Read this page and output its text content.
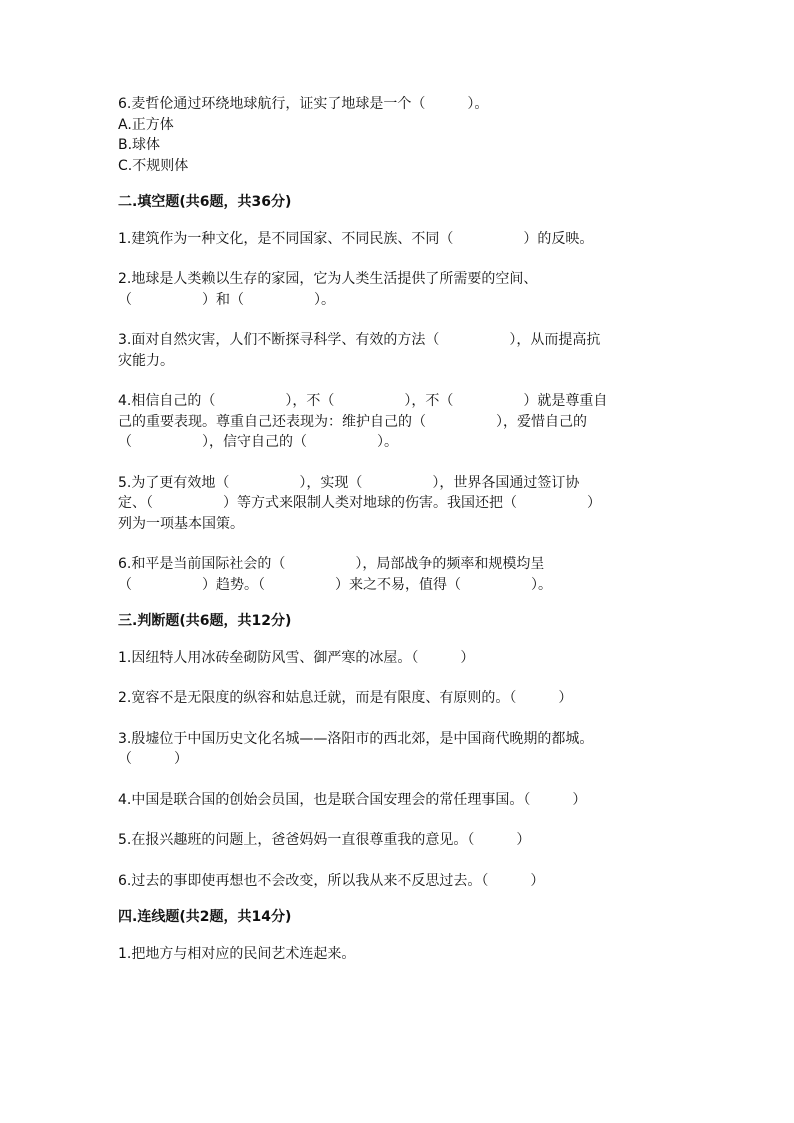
6.麦哲伦通过环绕地球航行，证实了地球是一个（　　　）。
A.正方体
B.球体
C.不规则体
二.填空题(共6题，共36分)
1.建筑作为一种文化，是不同国家、不同民族、不同（　　　　　）的反映。
2.地球是人类赖以生存的家园，它为人类生活提供了所需要的空间、
（　　　　　）和（　　　　　）。
3.面对自然灾害，人们不断探寻科学、有效的方法（　　　　　），从而提高抗
灾能力。
4.相信自己的（　　　　　），不（　　　　　），不（　　　　　）就是尊重自
己的重要表现。尊重自己还表现为：维护自己的（　　　　　），爱惜自己的
（　　　　　），信守自己的（　　　　　）。
5.为了更有效地（　　　　　），实现（　　　　　），世界各国通过签订协
定、（　　　　　）等方式来限制人类对地球的伤害。我国还把（　　　　　）
列为一项基本国策。
6.和平是当前国际社会的（　　　　　），局部战争的频率和规模均呈
（　　　　　）趋势。（　　　　　）来之不易，值得（　　　　　）。
三.判断题(共6题，共12分)
1.因纽特人用冰砖垒砌防风雪、御严寒的冰屋。（　　　）
2.宽容不是无限度的纵容和姑息迁就，而是有限度、有原则的。（　　　）
3.殷墟位于中国历史文化名城——洛阳市的西北郊，是中国商代晚期的都城。
（　　　）
4.中国是联合国的创始会员国，也是联合国安理会的常任理事国。（　　　）
5.在报兴趣班的问题上，爸爸妈妈一直很尊重我的意见。（　　　）
6.过去的事即使再想也不会改变，所以我从来不反思过去。（　　　）
四.连线题(共2题，共14分)
1.把地方与相对应的民间艺术连起来。
